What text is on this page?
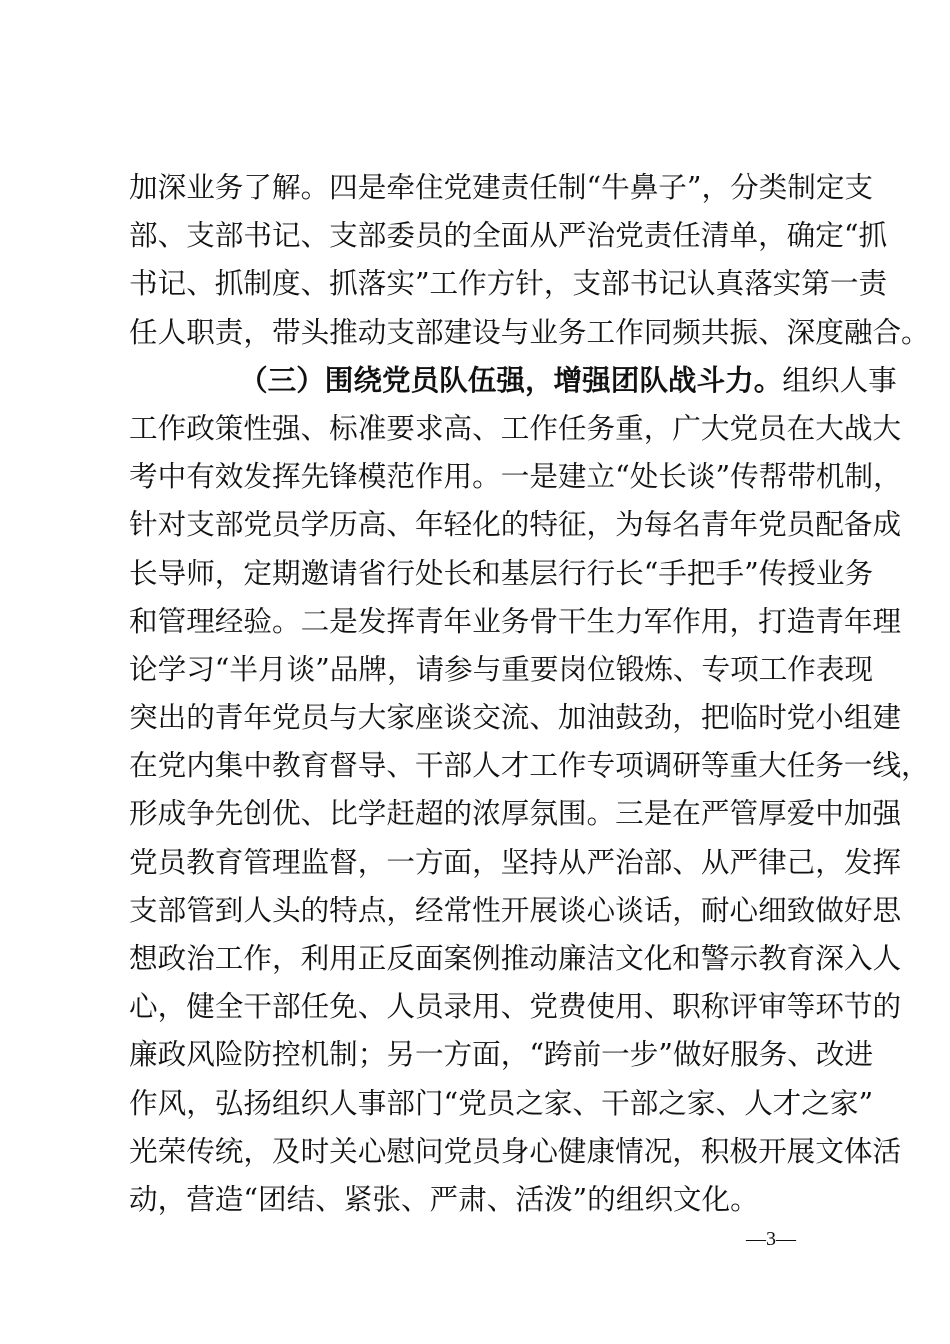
加深业务了解。四是牵住党建责任制“牛鼻子”，分类制定支
部、支部书记、支部委员的全面从严治党责任清单，确定“抓
书记、抓制度、抓落实”工作方针，支部书记认真落实第一责
任人职责，带头推动支部建设与业务工作同频共振、深度融合。
（三）围绕党员队伍强，增强团队战斗力。组织人事
工作政策性强、标准要求高、工作任务重，广大党员在大战大
考中有效发挥先锋模范作用。一是建立“处长谈”传帮带机制，
针对支部党员学历高、年轻化的特征，为每名青年党员配备成
长导师，定期邀请省行处长和基层行行长“手把手”传授业务
和管理经验。二是发挥青年业务骨干生力军作用，打造青年理
论学习“半月谈”品牌，请参与重要岗位锻炼、专项工作表现
突出的青年党员与大家座谈交流、加油鼓劲，把临时党小组建
在党内集中教育督导、干部人才工作专项调研等重大任务一线，
形成争先创优、比学赶超的浓厚氛围。三是在严管厚爱中加强
党员教育管理监督，一方面，坚持从严治部、从严律己，发挥
支部管到人头的特点，经常性开展谈心谈话，耐心细致做好思
想政治工作，利用正反面案例推动廉洁文化和警示教育深入人
心，健全干部任免、人员录用、党费使用、职称评审等环节的
廉政风险防控机制；另一方面，“跨前一步”做好服务、改进
作风，弘扬组织人事部门“党员之家、干部之家、人才之家”
光荣传统，及时关心慰问党员身心健康情况，积极开展文体活
动，营造“团结、紧张、严肃、活泼”的组织文化。
—3—
